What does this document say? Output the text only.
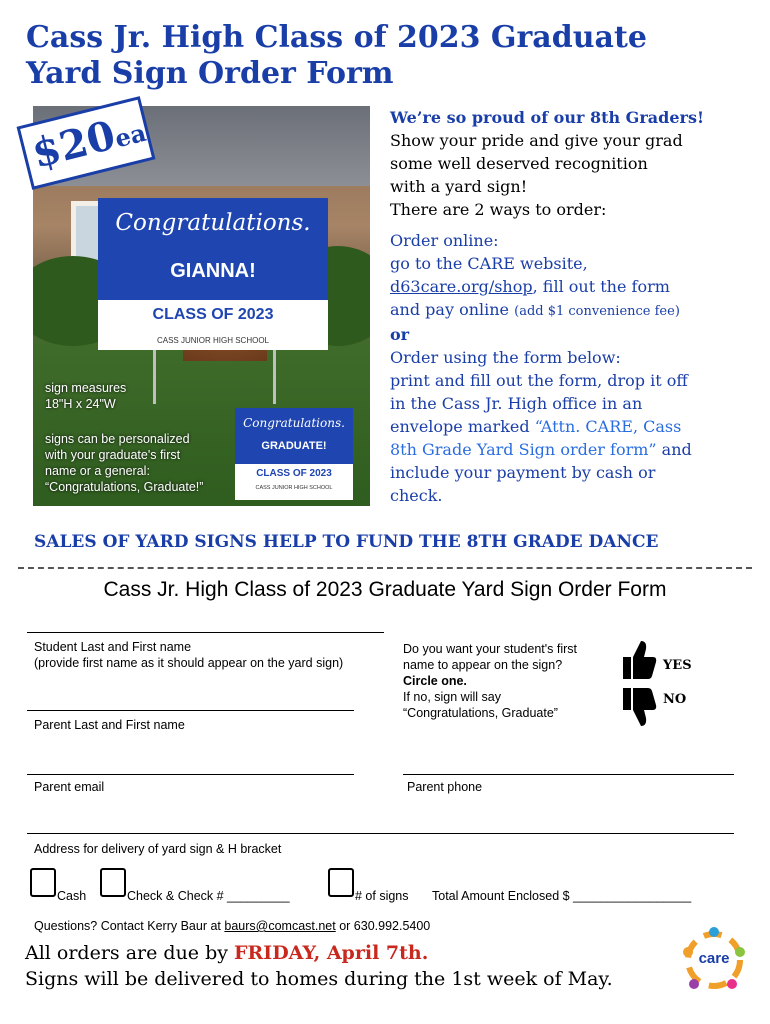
Cass Jr. High Class of 2023 Graduate
Yard Sign Order Form
Congratulations.
GIANNA!
CLASS OF 2023
CASS JUNIOR HIGH SCHOOL
Congratulations.
GRADUATE!
CLASS OF 2023
CASS JUNIOR HIGH SCHOOL
sign measures
18"H x 24"W
signs can be personalized
with your graduate's first
name or a general:
“Congratulations, Graduate!”
$20ea
We’re so proud of our 8th Graders!
Show your pride and give your grad
some well deserved recognition
with a yard sign!
There are 2 ways to order:
Order online:
go to the CARE website,
d63care.org/shop, fill out the form
and pay online (add $1 convenience fee)
or
Order using the form below:
print and fill out the form, drop it off
in the Cass Jr. High office in an
envelope marked “Attn. CARE, Cass
8th Grade Yard Sign order form” and
include your payment by cash or
check.
SALES OF YARD SIGNS HELP TO FUND THE 8TH GRADE DANCE
Cass Jr. High Class of 2023 Graduate Yard Sign Order Form
Student Last and First name
(provide first name as it should appear on the yard sign)
Parent Last and First name
Do you want your student's first
name to appear on the sign?
Circle one.
If no, sign will say
“Congratulations, Graduate”
YES
NO
Parent email	Parent phone
Address for delivery of yard sign & H bracket
Cash	Check & Check # _________	# of signs Total Amount Enclosed $ _________________
Questions? Contact Kerry Baur at baurs@comcast.net or 630.992.5400
All orders are due by FRIDAY, April 7th.
Signs will be delivered to homes during the 1st week of May.
care
